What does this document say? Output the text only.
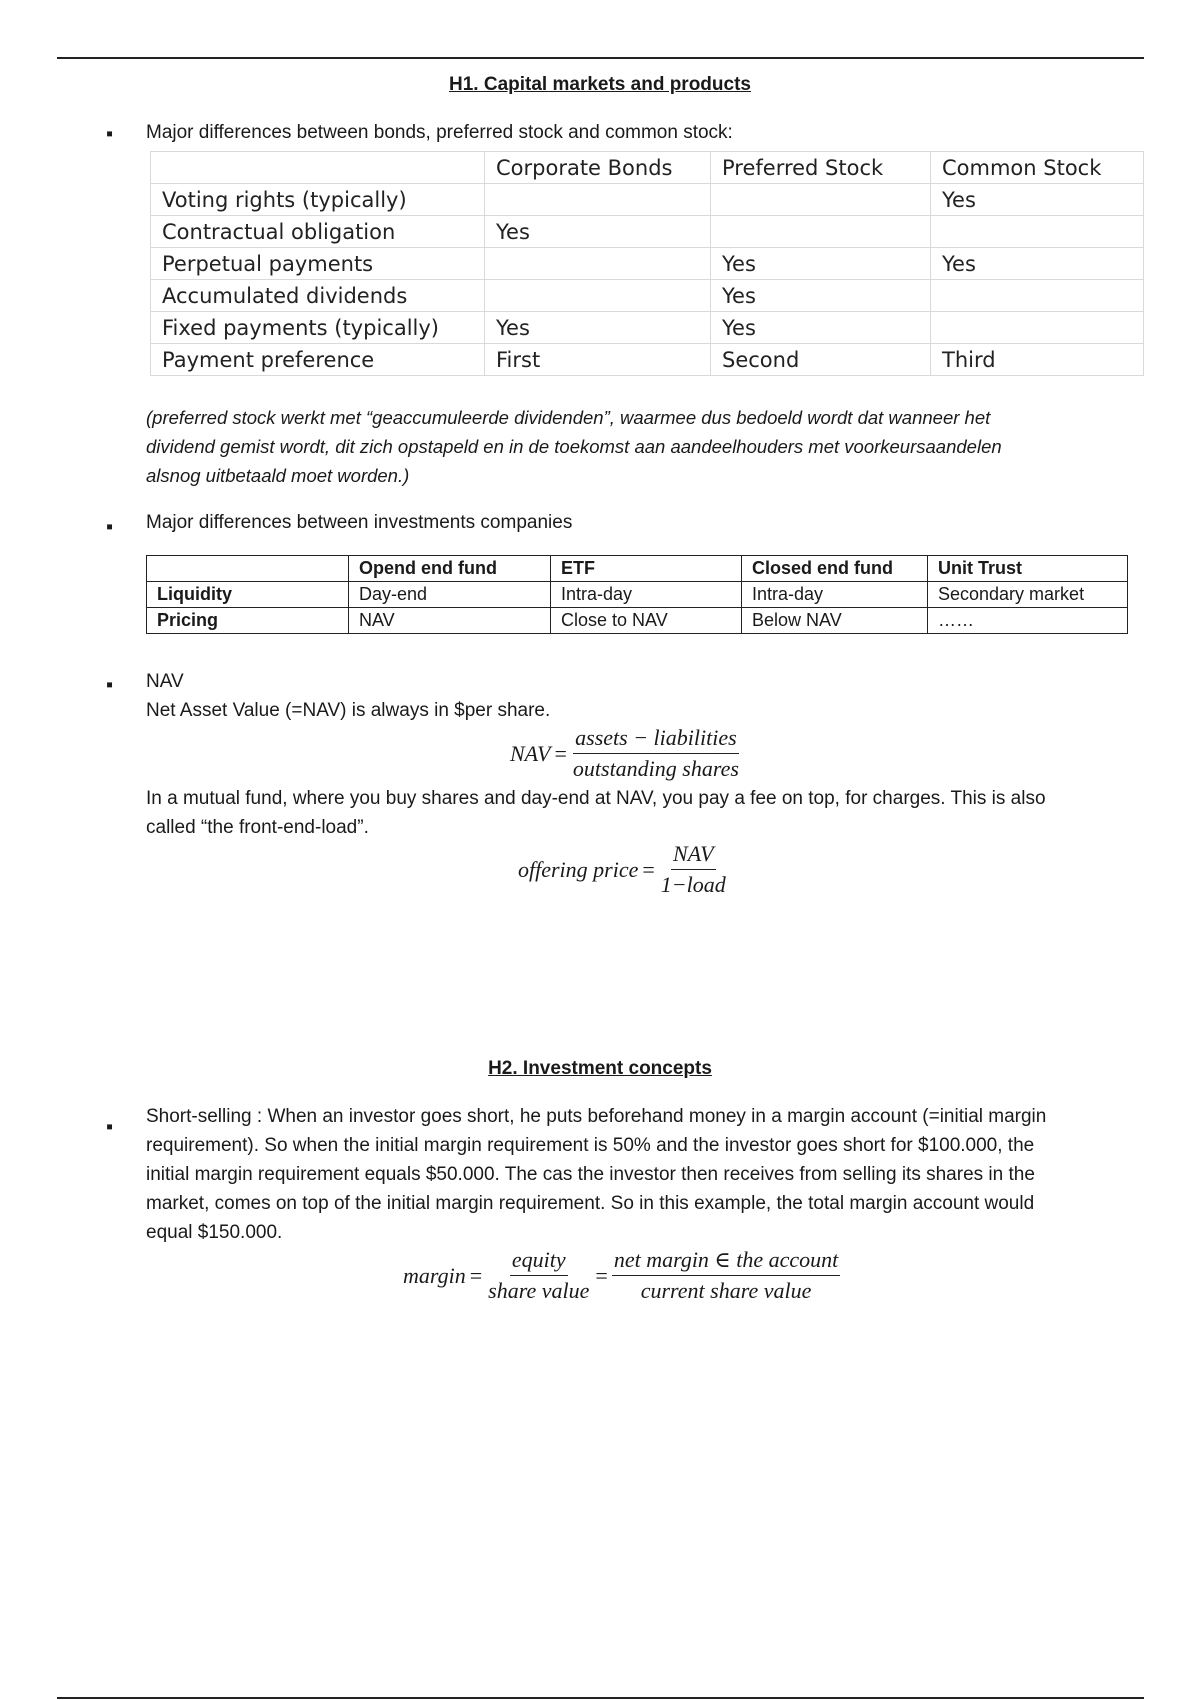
H1. Capital markets and products
▪ Major differences between bonds, preferred stock and common stock:
	Corporate Bonds	Preferred Stock	Common Stock
Voting rights (typically)			Yes
Contractual obligation	Yes		
Perpetual payments		Yes	Yes
Accumulated dividends		Yes	
Fixed payments (typically)	Yes	Yes	
Payment preference	First	Second	Third
(preferred stock werkt met “geaccumuleerde dividenden”, waarmee dus bedoeld wordt dat wanneer het
dividend gemist wordt, dit zich opstapeld en in de toekomst aan aandeelhouders met voorkeursaandelen
alsnog uitbetaald moet worden.)
▪ Major differences between investments companies
	Opend end fund	ETF	Closed end fund	Unit Trust
Liquidity	Day-end	Intra-day	Intra-day	Secondary market
Pricing	NAV	Close to NAV	Below NAV	……
▪ NAV
Net Asset Value (=NAV) is always in $per share.
NAV = $\frac{\text{assets − liabilities}}{\text{outstanding shares}}$
In a mutual fund, where you buy shares and day-end at NAV, you pay a fee on top, for charges. This is also
called “the front-end-load”.
offering price = $\frac{\text{NAV}}{\text{1−load}}$
H2. Investment concepts
▪ Short-selling : When an investor goes short, he puts beforehand money in a margin account (=initial margin
requirement). So when the initial margin requirement is 50% and the investor goes short for $100.000, the
initial margin requirement equals $50.000. The cas the investor then receives from selling its shares in the
market, comes on top of the initial margin requirement. So in this example, the total margin account would
equal $150.000.
margin = $\frac{\text{equity}}{\text{share value}} = \frac{\text{net margin ∈ the account}}{\text{current share value}}$
